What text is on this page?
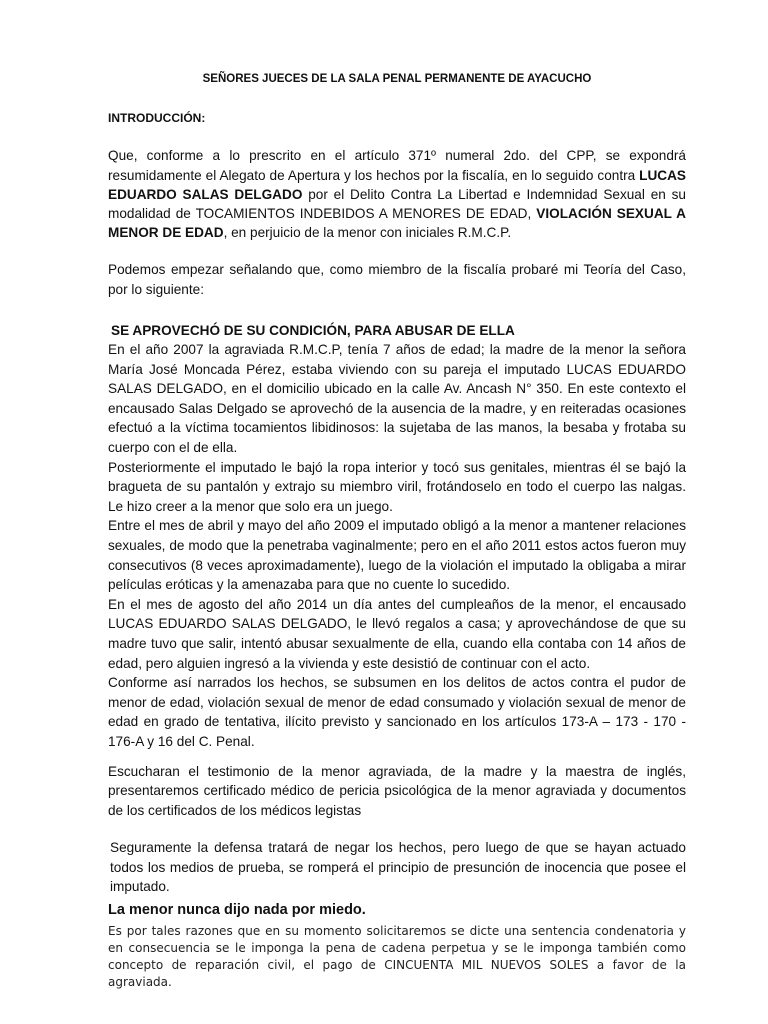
SEÑORES JUECES DE LA SALA PENAL PERMANENTE DE AYACUCHO
INTRODUCCIÓN:

Que, conforme a lo prescrito en el artículo 371º numeral 2do. del CPP, se expondrá resumidamente el Alegato de Apertura y los hechos por la fiscalía, en lo seguido contra LUCAS EDUARDO SALAS DELGADO por el Delito Contra La Libertad e Indemnidad Sexual en su modalidad de TOCAMIENTOS INDEBIDOS A MENORES DE EDAD, VIOLACIÓN SEXUAL A MENOR DE EDAD, en perjuicio de la menor con iniciales R.M.C.P.

Podemos empezar señalando que, como miembro de la fiscalía probaré mi Teoría del Caso, por lo siguiente:

SE APROVECHÓ DE SU CONDICIÓN, PARA ABUSAR DE ELLA

En el año 2007 la agraviada R.M.C.P, tenía 7 años de edad; la madre de la menor la señora María José Moncada Pérez, estaba viviendo con su pareja el imputado LUCAS EDUARDO SALAS DELGADO, en el domicilio ubicado en la calle Av. Ancash N° 350. En este contexto el encausado Salas Delgado se aprovechó de la ausencia de la madre, y en reiteradas ocasiones efectuó a la víctima tocamientos libidinosos: la sujetaba de las manos, la besaba y frotaba su cuerpo con el de ella.

Posteriormente el imputado le bajó la ropa interior y tocó sus genitales, mientras él se bajó la bragueta de su pantalón y extrajo su miembro viril, frotándoselo en todo el cuerpo las nalgas. Le hizo creer a la menor que solo era un juego.

Entre el mes de abril y mayo del año 2009 el imputado obligó a la menor a mantener relaciones sexuales, de modo que la penetraba vaginalmente; pero en el año 2011 estos actos fueron muy consecutivos (8 veces aproximadamente), luego de la violación el imputado la obligaba a mirar películas eróticas y la amenazaba para que no cuente lo sucedido.

En el mes de agosto del año 2014 un día antes del cumpleaños de la menor, el encausado LUCAS EDUARDO SALAS DELGADO, le llevó regalos a casa; y aprovechándose de que su madre tuvo que salir, intentó abusar sexualmente de ella, cuando ella contaba con 14 años de edad, pero alguien ingresó a la vivienda y este desistió de continuar con el acto.

Conforme así narrados los hechos, se subsumen en los delitos de actos contra el pudor de menor de edad, violación sexual de menor de edad consumado y violación sexual de menor de edad en grado de tentativa, ilícito previsto y sancionado en los artículos 173-A – 173 - 170 - 176-A y 16 del C. Penal.

Escucharan el testimonio de la menor agraviada, de la madre y la maestra de inglés, presentaremos certificado médico de pericia psicológica de la menor agraviada y documentos de los certificados de los médicos legistas

Seguramente la defensa tratará de negar los hechos, pero luego de que se hayan actuado todos los medios de prueba, se romperá el principio de presunción de inocencia que posee el imputado.

La menor nunca dijo nada por miedo.

Es por tales razones que en su momento solicitaremos se dicte una sentencia condenatoria y en consecuencia se le imponga la pena de cadena perpetua y se le imponga también como concepto de reparación civil, el pago de CINCUENTA MIL NUEVOS SOLES a favor de la agraviada.
